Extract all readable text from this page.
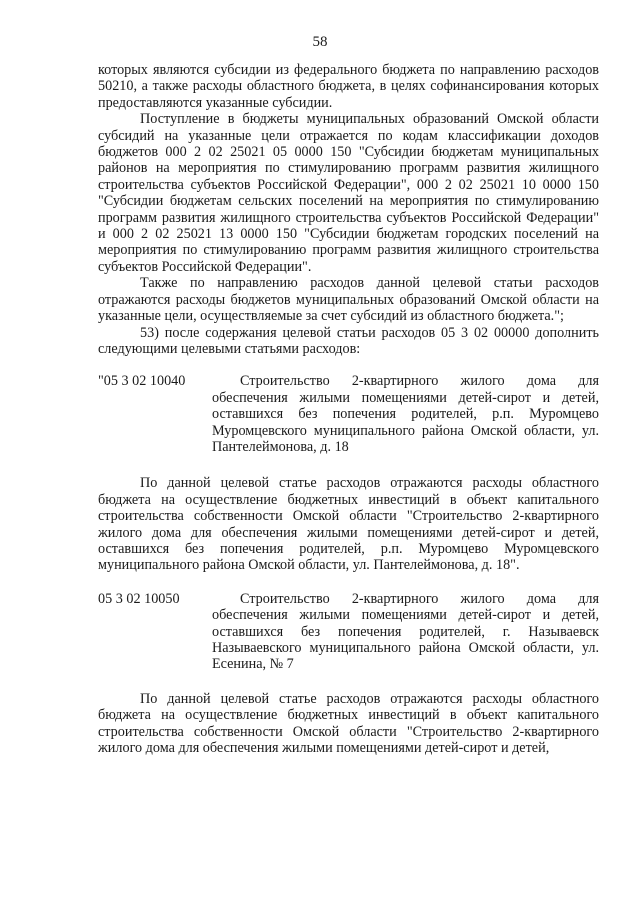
58

которых являются субсидии из федерального бюджета по направлению расходов 50210, а также расходы областного бюджета, в целях софинансирования которых предоставляются указанные субсидии.

Поступление в бюджеты муниципальных образований Омской области субсидий на указанные цели отражается по кодам классификации доходов бюджетов 000 2 02 25021 05 0000 150 "Субсидии бюджетам муниципальных районов на мероприятия по стимулированию программ развития жилищного строительства субъектов Российской Федерации", 000 2 02 25021 10 0000 150 "Субсидии бюджетам сельских поселений на мероприятия по стимулированию программ развития жилищного строительства субъектов Российской Федерации" и 000 2 02 25021 13 0000 150 "Субсидии бюджетам городских поселений на мероприятия по стимулированию программ развития жилищного строительства субъектов Российской Федерации".

Также по направлению расходов данной целевой статьи расходов отражаются расходы бюджетов муниципальных образований Омской области на указанные цели, осуществляемые за счет субсидий из областного бюджета.";

53) после содержания целевой статьи расходов 05 3 02 00000 дополнить следующими целевыми статьями расходов:

"05 3 02 10040	Строительство 2-квартирного жилого дома для обеспечения жилыми помещениями детей-сирот и детей, оставшихся без попечения родителей, р.п. Муромцево Муромцевского муниципального района Омской области, ул. Пантелеймонова, д. 18

По данной целевой статье расходов отражаются расходы областного бюджета на осуществление бюджетных инвестиций в объект капитального строительства собственности Омской области "Строительство 2-квартирного жилого дома для обеспечения жилыми помещениями детей-сирот и детей, оставшихся без попечения родителей, р.п. Муромцево Муромцевского муниципального района Омской области, ул. Пантелеймонова, д. 18".

05 3 02 10050	Строительство 2-квартирного жилого дома для обеспечения жилыми помещениями детей-сирот и детей, оставшихся без попечения родителей, г. Называевск Называевского муниципального района Омской области, ул. Есенина, № 7

По данной целевой статье расходов отражаются расходы областного бюджета на осуществление бюджетных инвестиций в объект капитального строительства собственности Омской области "Строительство 2-квартирного жилого дома для обеспечения жилыми помещениями детей-сирот и детей,
